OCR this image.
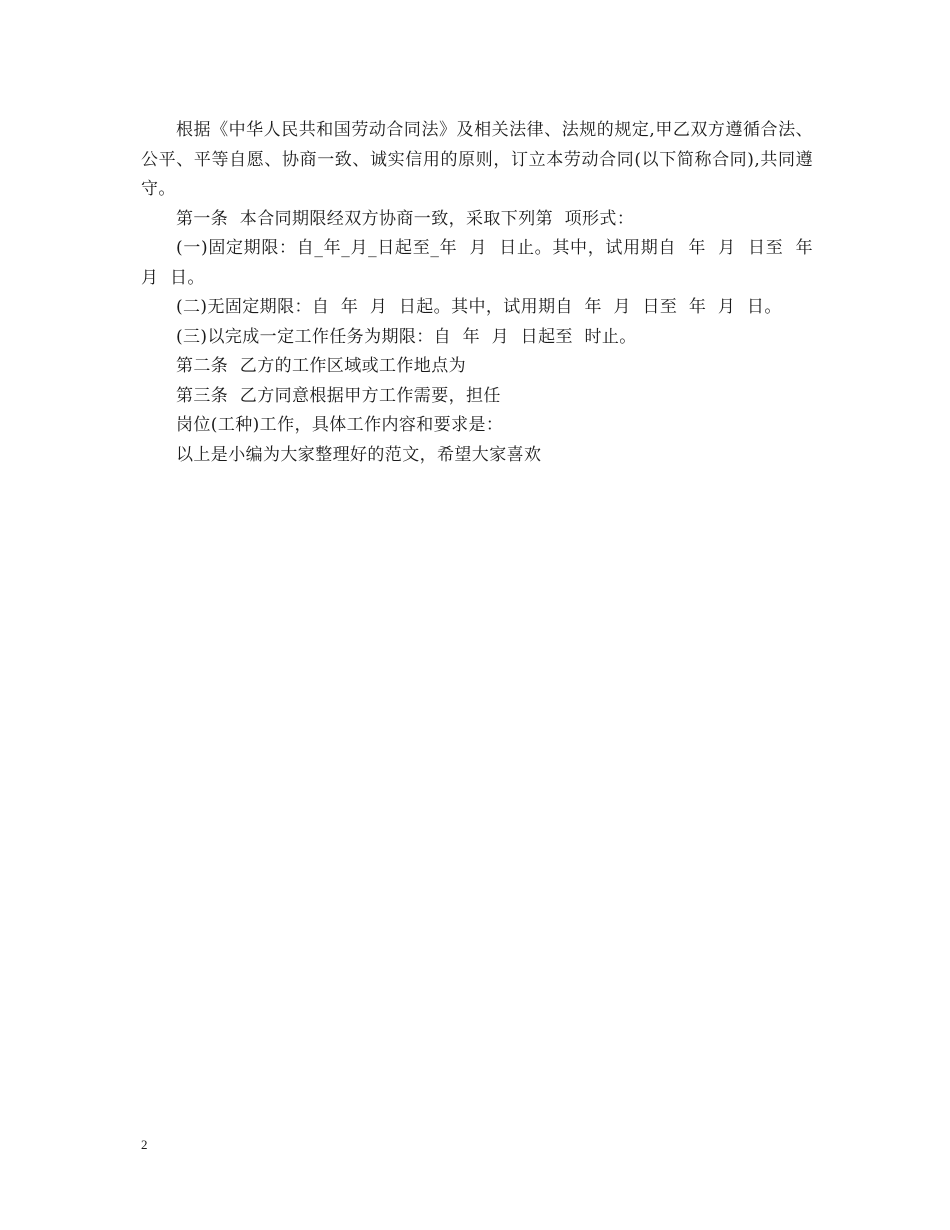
根据《中华人民共和国劳动合同法》及相关法律、法规的规定,甲乙双方遵循合法、公平、平等自愿、协商一致、诚实信用的原则，订立本劳动合同(以下简称合同),共同遵守。

第一条  本合同期限经双方协商一致，采取下列第  项形式：

(一)固定期限：自_年_月_日起至_年  月  日止。其中，试用期自  年  月  日至  年  月  日。

(二)无固定期限：自  年  月  日起。其中，试用期自  年  月  日至  年  月  日。

(三)以完成一定工作任务为期限：自  年  月  日起至  时止。

第二条  乙方的工作区域或工作地点为

第三条  乙方同意根据甲方工作需要，担任

岗位(工种)工作，具体工作内容和要求是：

以上是小编为大家整理好的范文，希望大家喜欢

2
